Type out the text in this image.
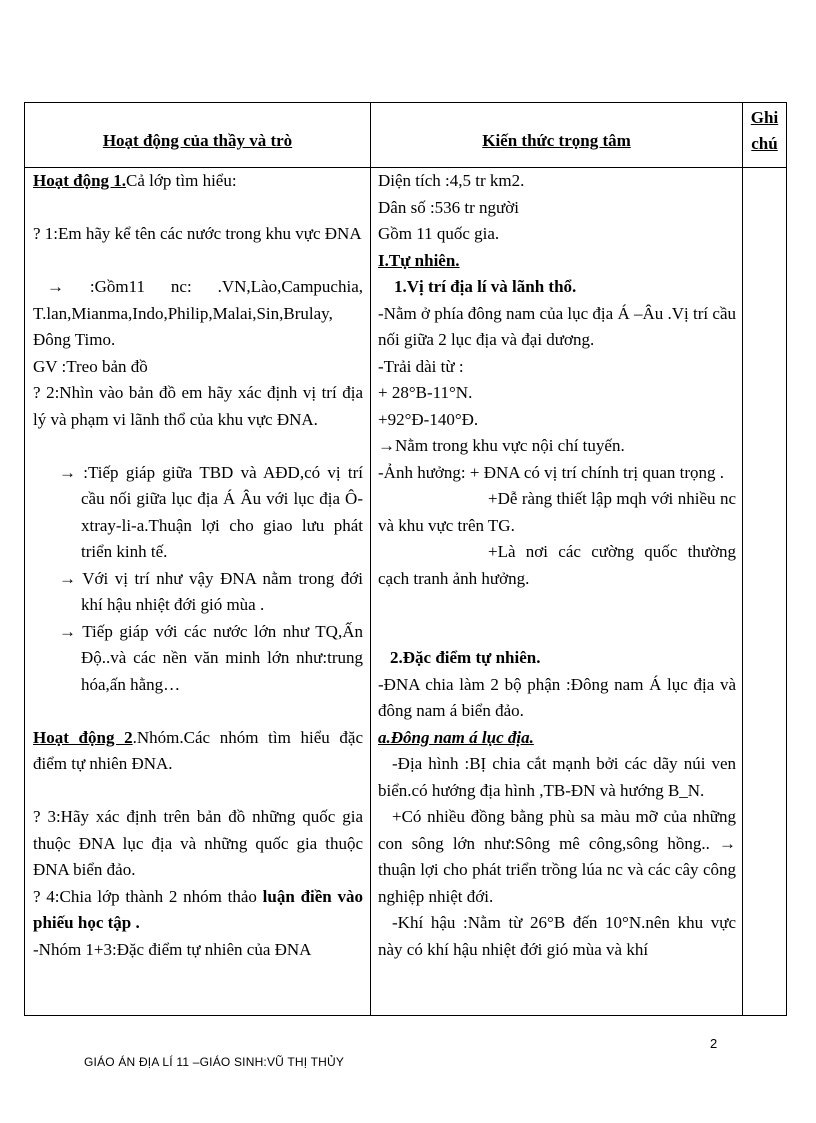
Hoạt động của thầy và trò	Kiến thức trọng tâm
Ghi
chú

Hoạt động 1.Cả lớp tìm hiểu:

? 1:Em hãy kể tên các nước trong khu vực ĐNA

→ :Gồm11 nc: .VN,Lào,Campuchia, T.lan,Mianma,Indo,Philip,Malai,Sin,Brulay, Đông Timo.

GV :Treo bản đồ

? 2:Nhìn vào bản đồ em hãy xác định vị trí địa lý và phạm vi lãnh thổ của khu vực ĐNA.

→ :Tiếp giáp giữa TBD và AĐD,có vị trí cầu nối giữa lục địa Á Âu với lục địa Ô-xtray-li-a.Thuận lợi cho giao lưu phát triển kinh tế.

→ Với vị trí như vậy ĐNA nằm trong đới khí hậu nhiệt đới gió mùa .

→ Tiếp giáp với các nước lớn như TQ,Ấn Độ..và các nền văn minh lớn như:trung hóa,ấn hằng…

Hoạt động 2.Nhóm.Các nhóm tìm hiểu đặc điểm tự nhiên ĐNA.

? 3:Hãy xác định trên bản đồ những quốc gia thuộc ĐNA lục địa và những quốc gia thuộc ĐNA biển đảo.

? 4:Chia lớp thành 2 nhóm thảo luận điền vào phiếu học tập .

-Nhóm 1+3:Đặc điểm tự nhiên của ĐNA

Diện tích :4,5 tr km2.

Dân số :536 tr người

Gồm 11 quốc gia.

I.Tự nhiên.

1.Vị trí địa lí và lãnh thổ.

-Nằm ở phía đông nam của lục địa Á –Âu .Vị trí cầu nối giữa 2 lục địa và đại dương.

-Trải dài từ :

+ 28°B-11°N.

+92°Đ-140°Đ.

→Nằm trong khu vực nội chí tuyến.

-Ảnh hưởng: + ĐNA có vị trí chính trị quan trọng .

+Dễ ràng thiết lập mqh với nhiều nc và khu vực trên TG.

+Là nơi các cường quốc thường cạch tranh ảnh hưởng.

2.Đặc điểm tự nhiên.

-ĐNA chia làm 2 bộ phận :Đông nam Á lục địa và đông nam á biển đảo.

a.Đông nam á lục địa.

-Địa hình :BỊ chia cắt mạnh bởi các dãy núi ven biển.có hướng địa hình ,TB-ĐN và hướng B_N.

+Có nhiều đồng bằng phù sa màu mỡ của những con sông lớn như:Sông mê công,sông hồng.. → thuận lợi cho phát triển trồng lúa nc và các cây công nghiệp nhiệt đới.

-Khí hậu :Nằm từ 26°B đến 10°N.nên khu vực này có khí hậu nhiệt đới gió mùa và khí

2
GIÁO ÁN ĐỊA LÍ 11 –GIÁO SINH:VŨ THỊ THỦY
